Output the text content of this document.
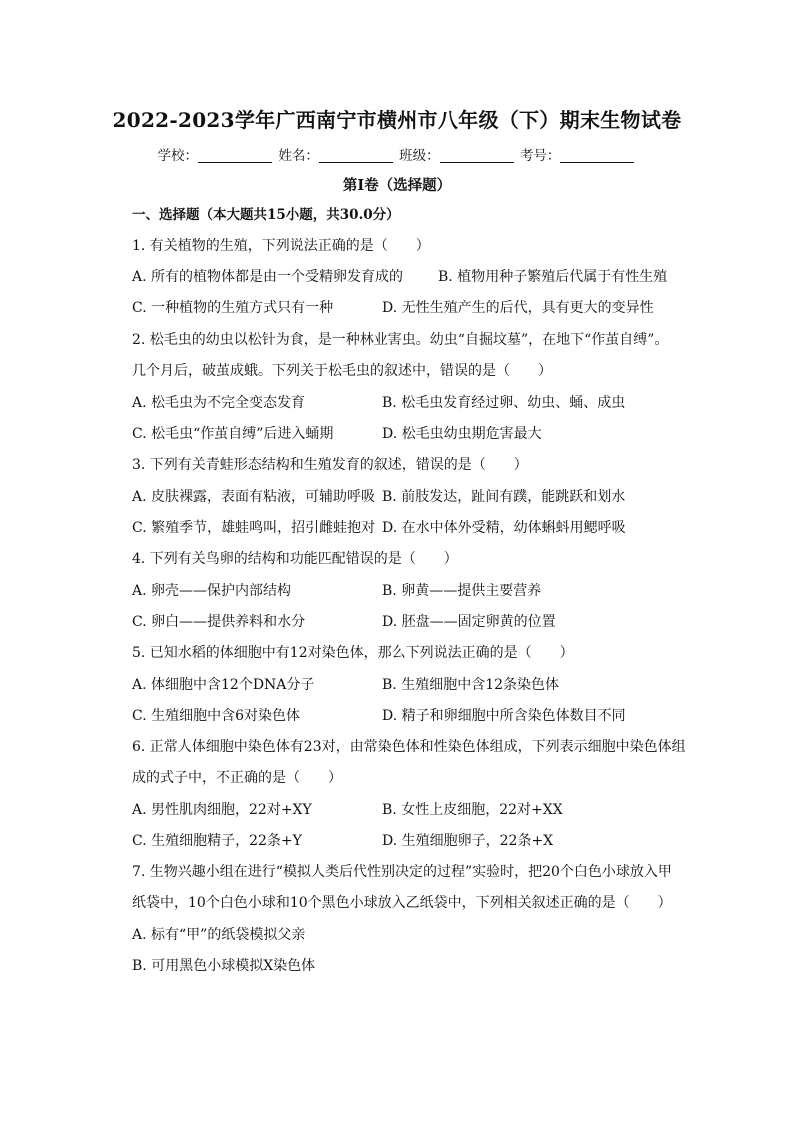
2022-2023学年广西南宁市横州市八年级（下）期末生物试卷
学校：	姓名：	班级：	考号：
第Ⅰ卷（选择题）
一、选择题（本大题共15小题，共30.0分）
1. 有关植物的生殖，下列说法正确的是（　　）
A. 所有的植物体都是由一个受精卵发育成的 B. 植物用种子繁殖后代属于有性生殖
C. 一种植物的生殖方式只有一种	D. 无性生殖产生的后代，具有更大的变异性
2. 松毛虫的幼虫以松针为食，是一种林业害虫。幼虫“自掘坟墓”，在地下“作茧自缚”。
几个月后，破茧成蛾。下列关于松毛虫的叙述中，错误的是（　　）
A. 松毛虫为不完全变态发育	B. 松毛虫发育经过卵、幼虫、蛹、成虫
C. 松毛虫“作茧自缚”后进入蛹期	D. 松毛虫幼虫期危害最大
3. 下列有关青蛙形态结构和生殖发育的叙述，错误的是（　　）
A. 皮肤裸露，表面有粘液，可辅助呼吸 B. 前肢发达，趾间有蹼，能跳跃和划水
C. 繁殖季节，雄蛙鸣叫，招引雌蛙抱对 D. 在水中体外受精，幼体蝌蚪用鳃呼吸
4. 下列有关鸟卵的结构和功能匹配错误的是（　　）
A. 卵壳——保护内部结构	B. 卵黄——提供主要营养
C. 卵白——提供养料和水分	D. 胚盘——固定卵黄的位置
5. 已知水稻的体细胞中有12对染色体，那么下列说法正确的是（　　）
A. 体细胞中含12个DNA分子	B. 生殖细胞中含12条染色体
C. 生殖细胞中含6对染色体	D. 精子和卵细胞中所含染色体数目不同
6. 正常人体细胞中染色体有23对，由常染色体和性染色体组成，下列表示细胞中染色体组
成的式子中，不正确的是（　　）
A. 男性肌肉细胞，22对+XY	B. 女性上皮细胞，22对+XX
C. 生殖细胞精子，22条+Y	D. 生殖细胞卵子，22条+X
7. 生物兴趣小组在进行“模拟人类后代性别决定的过程”实验时，把20个白色小球放入甲
纸袋中，10个白色小球和10个黑色小球放入乙纸袋中，下列相关叙述正确的是（　　）
A. 标有“甲”的纸袋模拟父亲
B. 可用黑色小球模拟X染色体
